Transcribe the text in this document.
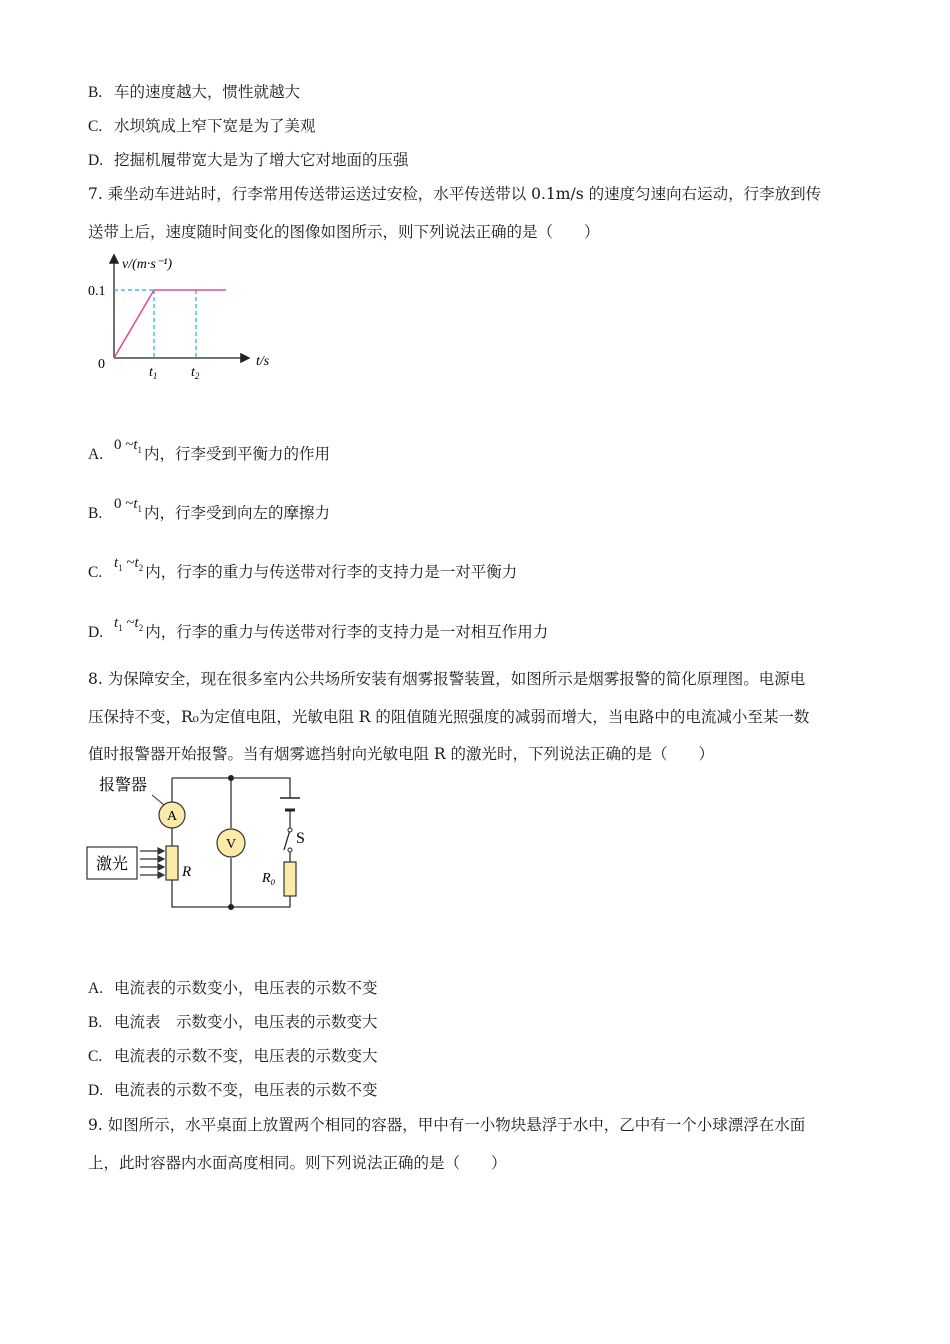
B. 车的速度越大，惯性就越大
C. 水坝筑成上窄下宽是为了美观
D. 挖掘机履带宽大是为了增大它对地面的压强
7. 乘坐动车进站时，行李常用传送带运送过安检，水平传送带以 0.1m/s 的速度匀速向右运动，行李放到传
送带上后，速度随时间变化的图像如图所示，则下列说法正确的是（　　）
v/(m·s⁻¹)
0.1
0	t/s
$t_1$ $t_2$
A.0 $\sim t_1$ 内，行李受到平衡力的作用
B.0 $\sim t_1$ 内，行李受到向左的摩擦力
$C.t_1$ $\sim t_2$ 内，行李的重力与传送带对行李的支持力是一对平衡力
$D.t_1$ $\sim t_2$ 内，行李的重力与传送带对行李的支持力是一对相互作用力
8. 为保障安全，现在很多室内公共场所安装有烟雾报警装置，如图所示是烟雾报警的简化原理图。电源电
压保持不变，R₀为定值电阻，光敏电阻 R 的阻值随光照强度的减弱而增大，当电路中的电流减小至某一数
值时报警器开始报警。当有烟雾遮挡射向光敏电阻 R 的激光时，下列说法正确的是（　　）
S
R₀
V
A
报警器
R
激光
A. 电流表的示数变小，电压表的示数不变
B. 电流表　示数变小，电压表的示数变大
C. 电流表的示数不变，电压表的示数变大
D. 电流表的示数不变，电压表的示数不变
9. 如图所示，水平桌面上放置两个相同的容器，甲中有一小物块悬浮于水中，乙中有一个小球漂浮在水面
上，此时容器内水面高度相同。则下列说法正确的是（　　）
